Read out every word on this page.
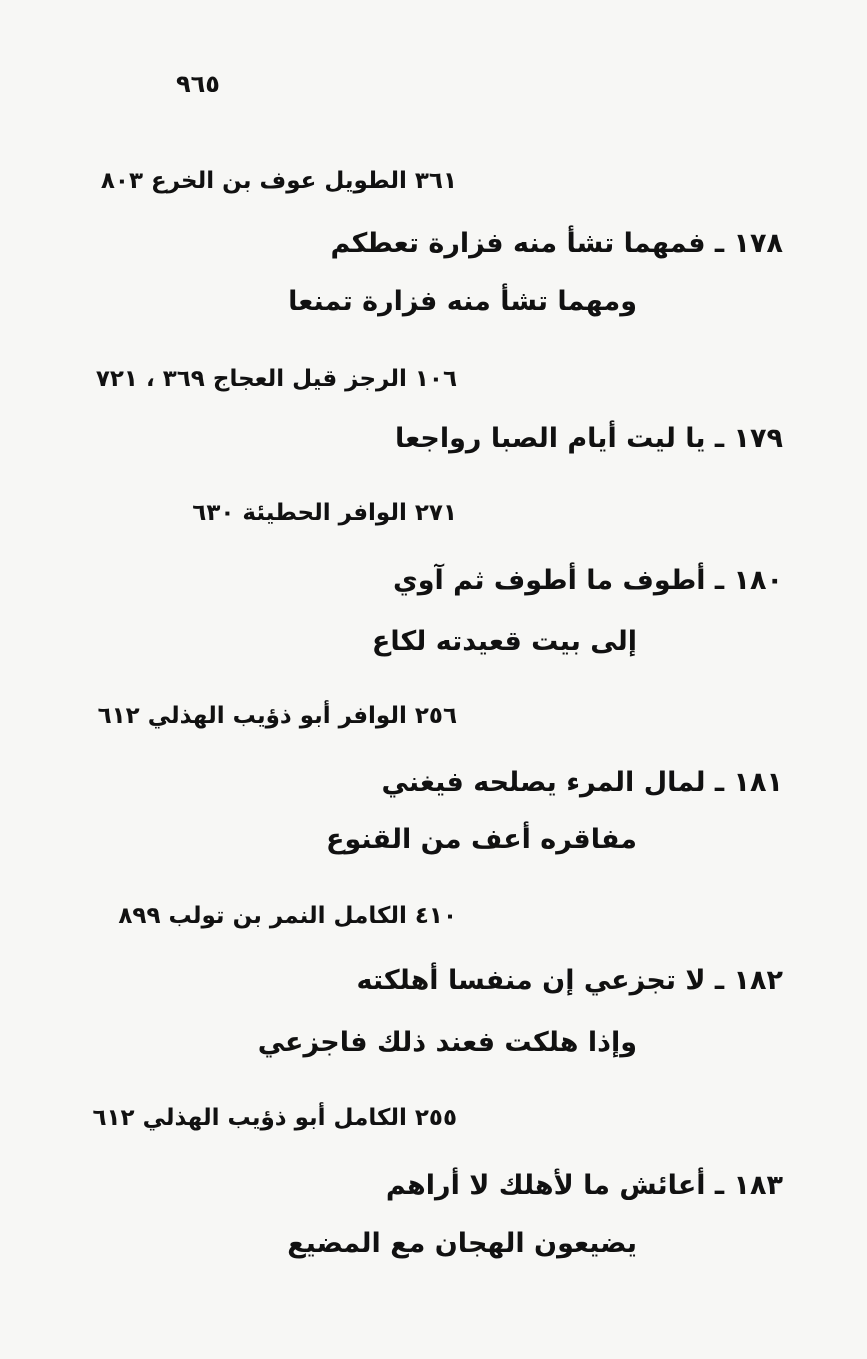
٩٦٥
٣٦١ الطويل عوف بن الخرع ٨٠٣
١٧٨ ـ فمهما تشأ منه فزارة تعطكم
ومهما تشأ منه فزارة تمنعا
١٠٦ الرجز قيل العجاج ٣٦٩ ، ٧٢١
١٧٩ ـ يا ليت أيام الصبا رواجعا
٢٧١ الوافر الحطيئة ٦٣٠
١٨٠ ـ أطوف ما أطوف ثم آوي
إلى بيت قعيدته لكاع
٢٥٦ الوافر أبو ذؤيب الهذلي ٦١٢
١٨١ ـ لمال المرء يصلحه فيغني
مفاقره أعف من القنوع
٤١٠ الكامل النمر بن تولب ٨٩٩
١٨٢ ـ لا تجزعي إن منفسا أهلكته
وإذا هلكت فعند ذلك فاجزعي
٢٥٥ الكامل أبو ذؤيب الهذلي ٦١٢
١٨٣ ـ أعائش ما لأهلك لا أراهم
يضيعون الهجان مع المضيع
